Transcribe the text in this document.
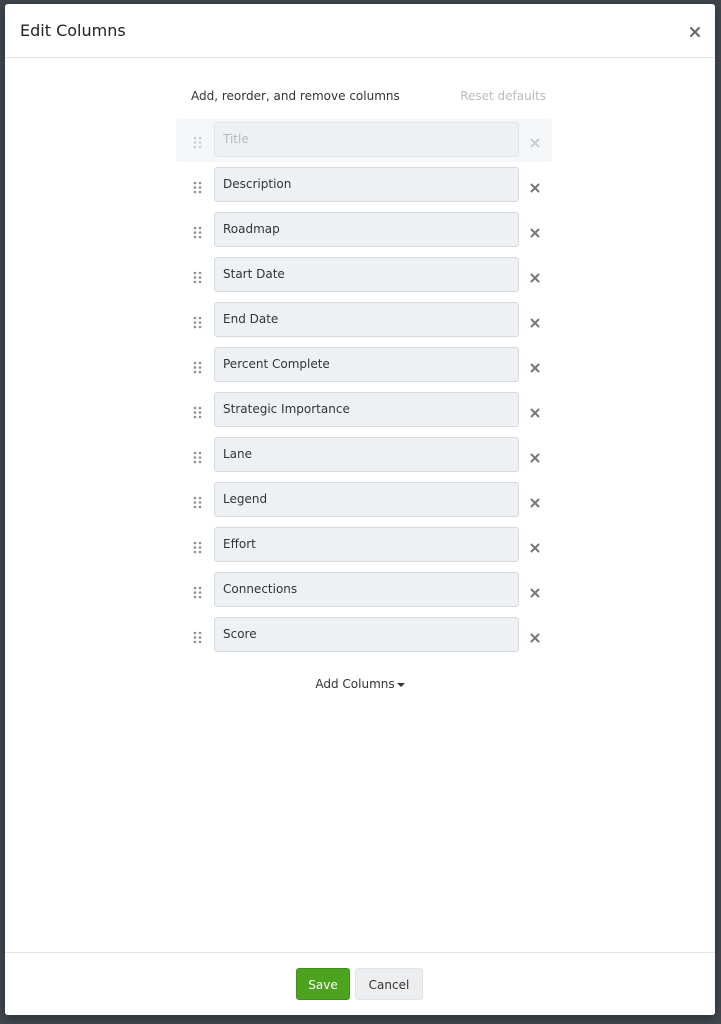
Edit Columns
Add, reorder, and remove columns	Reset defaults
Title
Description
Roadmap
Start Date
End Date
Percent Complete
Strategic Importance
Lane
Legend
Effort
Connections
Score
Add Columns
Save	Cancel
